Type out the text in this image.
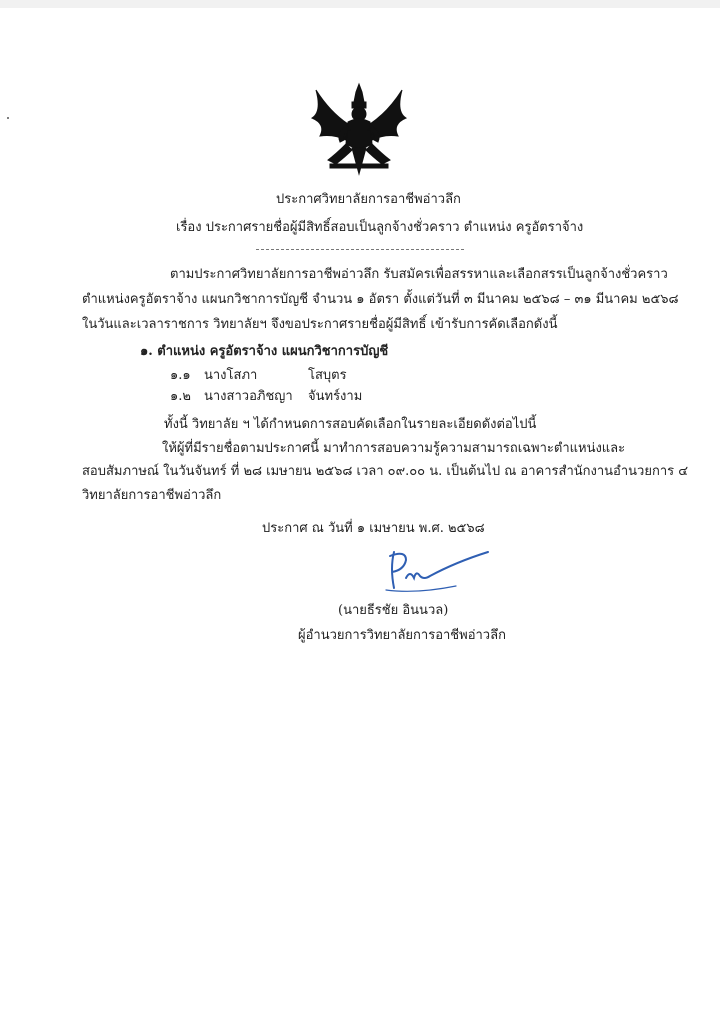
ประกาศวิทยาลัยการอาชีพอ่าวลึก
เรื่อง ประกาศรายชื่อผู้มีสิทธิ์สอบเป็นลูกจ้างชั่วคราว ตำแหน่ง ครูอัตราจ้าง
ตามประกาศวิทยาลัยการอาชีพอ่าวลึก รับสมัครเพื่อสรรหาและเลือกสรรเป็นลูกจ้างชั่วคราว
ตำแหน่งครูอัตราจ้าง แผนกวิชาการบัญชี จำนวน ๑ อัตรา ตั้งแต่วันที่ ๓ มีนาคม ๒๕๖๘ – ๓๑ มีนาคม ๒๕๖๘
ในวันและเวลาราชการ วิทยาลัยฯ จึงขอประกาศรายชื่อผู้มีสิทธิ์ เข้ารับการคัดเลือกดังนี้
๑. ตำแหน่ง ครูอัตราจ้าง แผนกวิชาการบัญชี
๑.๑ นางโสภา	โสบุตร
๑.๒ นางสาวอภิชญา จันทร์งาม
ทั้งนี้ วิทยาลัย ฯ ได้กำหนดการสอบคัดเลือกในรายละเอียดดังต่อไปนี้
ให้ผู้ที่มีรายชื่อตามประกาศนี้ มาทำการสอบความรู้ความสามารถเฉพาะตำแหน่งและ
สอบสัมภาษณ์ ในวันจันทร์ ที่ ๒๘ เมษายน ๒๕๖๘ เวลา ๐๙.๐๐ น. เป็นต้นไป ณ อาคารสำนักงานอำนวยการ ๔
วิทยาลัยการอาชีพอ่าวลึก
ประกาศ ณ วันที่ ๑ เมษายน พ.ศ. ๒๕๖๘
(นายธีรชัย อินนวล)
ผู้อำนวยการวิทยาลัยการอาชีพอ่าวลึก
